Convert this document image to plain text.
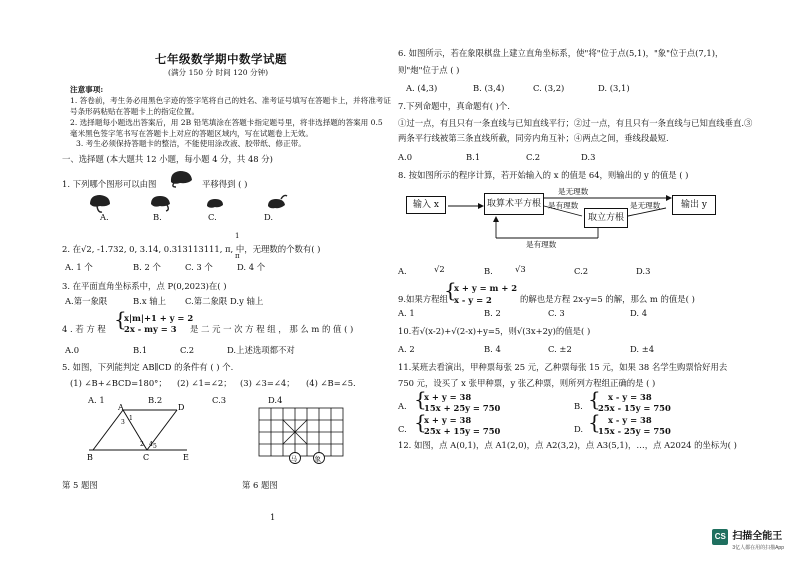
七年级数学期中数学试题
(满分 150 分 时间 120 分钟)
注意事项:
1. 答卷前，考生务必用黑色字迹的签字笔将自己的姓名、准考证号填写在答题卡上，并将准考证号条形码粘贴在答题卡上的指定位置。
2. 选择题每小题选出答案后，用 2B 铅笔填涂在答题卡指定题号里，将非选择题的答案用 0.5 毫米黑色签字笔书写在答题卡上对应的答题区域内，写在试题卷上无效。
3. 考生必须保持答题卡的整洁，不能使用涂改液、胶带纸、修正带。
一、选择题 (本大题共 12 小题，每小题 4 分，共 48 分)
1. 下列哪个图形可以由图	平移得到 ( )
A.	B.	C.	D.
2. 在√2, -1.732, 0, 3.14, 0.313113111, π, 中，无理数的个数有( )
1
π
A. 1 个	B. 2 个	C. 3 个	D. 4 个
3. 在平面直角坐标系中，点 P(0,2023)在( )
A.第一象限	B.x 轴上 C.第二象限 D.y 轴上
4 . 若 方 程 {
x|m|+1 + y = 2
2x - my = 3 是 二 元 一 次 方 程 组 ， 那 么 m 的 值 ( )
A.0	B.1	C.2	D.上述选项都不对
5. 如图，下列能判定 AB∥CD 的条件有 ( ) 个.
(1) ∠B+∠BCD=180°； (2) ∠1=∠2； (3) ∠3=∠4； (4) ∠B=∠5.
A. 1	B.2	C.3	D.4
A	D
B	C	E
1
2
3
4 5
马	象
第 5 题图	第 6 题图
1
6. 如图所示，若在象限棋盘上建立直角坐标系，使"将"位于点(5,1)，"象"位于点(7,1)，
则"炮"位于点 ( )
A. (4,3)	B. (3,4)	C. (3,2)	D. (3,1)
7.下列命题中，真命题有( )个.
①过一点，有且只有一条直线与已知直线平行；②过一点，有且只有一条直线与已知直线垂直.③两条平行线被第三条直线所截，同旁内角互补；④两点之间，垂线段最短.
A.0	B.1	C.2	D.3
8. 按如图所示的程序计算，若开始输入的 x 的值是 64，则输出的 y 的值是 ( )
输入 x	取算术平方根
取立方根
输出 y
是无理数
是有理数	是无理数
是有理数
A.	√2	B.	√3	C.2	D.3
9.如果方程组
{
x + y = m + 2
x - y = 2	的解也是方程 2x-y=5 的解，那么 m 的值是( )
A. 1	B. 2	C. 3	D. 4
10.若√(x-2)+√(2-x)+y=5，则√(3x+2y)的值是( )
A. 2	B. 4	C. ±2	D. ±4
11.某班去看演出，甲种票每张 25 元，乙种票每张 15 元，如果 38 名学生购票恰好用去
750 元，设买了 x 张甲种票，y 张乙种票，则所列方程组正确的是 ( )
A. {
x + y = 38
15x + 25y = 750	B. { x - y = 38
25x - 15y = 750
C. {
x + y = 38
25x + 15y = 750	D. { x - y = 38
15x - 25y = 750
12. 如图，点 A(0,1)，点 A1(2,0)，点 A2(3,2)，点 A3(5,1)，…，点 A2024 的坐标为( )
CS 扫描全能王
3亿人都在用的扫描App
